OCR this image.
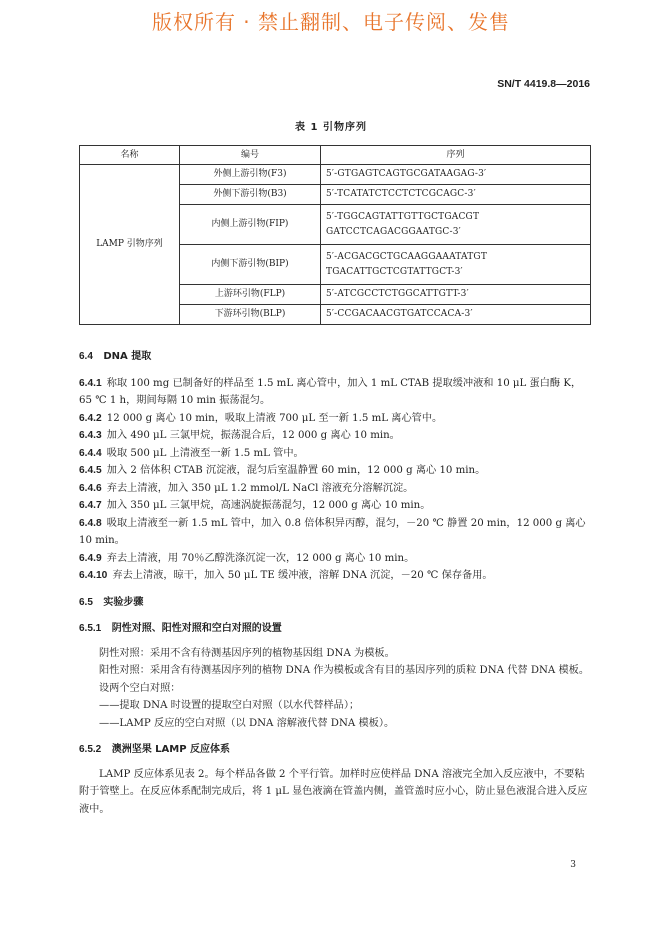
版权所有 · 禁止翻制、电子传阅、发售
SN/T 4419.8—2016
表 1 引物序列
名称	编号	序列
LAMP 引物序列	外侧上游引物(F3)	5′-GTGAGTCAGTGCGATAAGAG-3′
	外侧下游引物(B3)	5′-TCATATCTCCTCTCGCAGC-3′
	内侧上游引物(FIP)	5′-TGGCAGTATTGTTGCTGACGT
GATCCTCAGACGGAATGC-3′

	内侧下游引物(BIP)	5′-ACGACGCTGCAAGGAAATATGT
TGACATTGCTCGTATTGCT-3′

	上游环引物(FLP)	5′-ATCGCCTCTGGCATTGTT-3′
	下游环引物(BLP)	5′-CCGACAACGTGATCCACA-3′

6.4 DNA 提取

6.4.1  称取 100 mg 已制备好的样品至 1.5 mL 离心管中，加入 1 mL CTAB 提取缓冲液和 10 μL 蛋白酶 K，65 ℃ 1 h，期间每隔 10 min 振荡混匀。

6.4.2  12 000 g 离心 10 min，吸取上清液 700 μL 至一新 1.5 mL 离心管中。

6.4.3  加入 490 μL 三氯甲烷，振荡混合后，12 000 g 离心 10 min。

6.4.4  吸取 500 μL 上清液至一新 1.5 mL 管中。

6.4.5  加入 2 倍体积 CTAB 沉淀液，混匀后室温静置 60 min，12 000 g 离心 10 min。

6.4.6  弃去上清液，加入 350 μL 1.2 mmol/L NaCl 溶液充分溶解沉淀。

6.4.7  加入 350 μL 三氯甲烷，高速涡旋振荡混匀，12 000 g 离心 10 min。

6.4.8  吸取上清液至一新 1.5 mL 管中，加入 0.8 倍体积异丙醇，混匀，－20 ℃ 静置 20 min，12 000 g 离心 10 min。

6.4.9  弃去上清液，用 70％乙醇洗涤沉淀一次，12 000 g 离心 10 min。

6.4.10  弃去上清液，晾干，加入 50 μL TE 缓冲液，溶解 DNA 沉淀，－20 ℃ 保存备用。

6.5 实验步骤

6.5.1 阴性对照、阳性对照和空白对照的设置

阴性对照：采用不含有待测基因序列的植物基因组 DNA 为模板。

阳性对照：采用含有待测基因序列的植物 DNA 作为模板或含有目的基因序列的质粒 DNA 代替 DNA 模板。

设两个空白对照：

——提取 DNA 时设置的提取空白对照（以水代替样品）；

——LAMP 反应的空白对照（以 DNA 溶解液代替 DNA 模板）。

6.5.2 澳洲坚果 LAMP 反应体系

LAMP 反应体系见表 2。每个样品各做 2 个平行管。加样时应使样品 DNA 溶液完全加入反应液中，不要粘附于管壁上。在反应体系配制完成后，将 1 μL 显色液滴在管盖内侧，盖管盖时应小心，防止显色液混合进入反应液中。

3
